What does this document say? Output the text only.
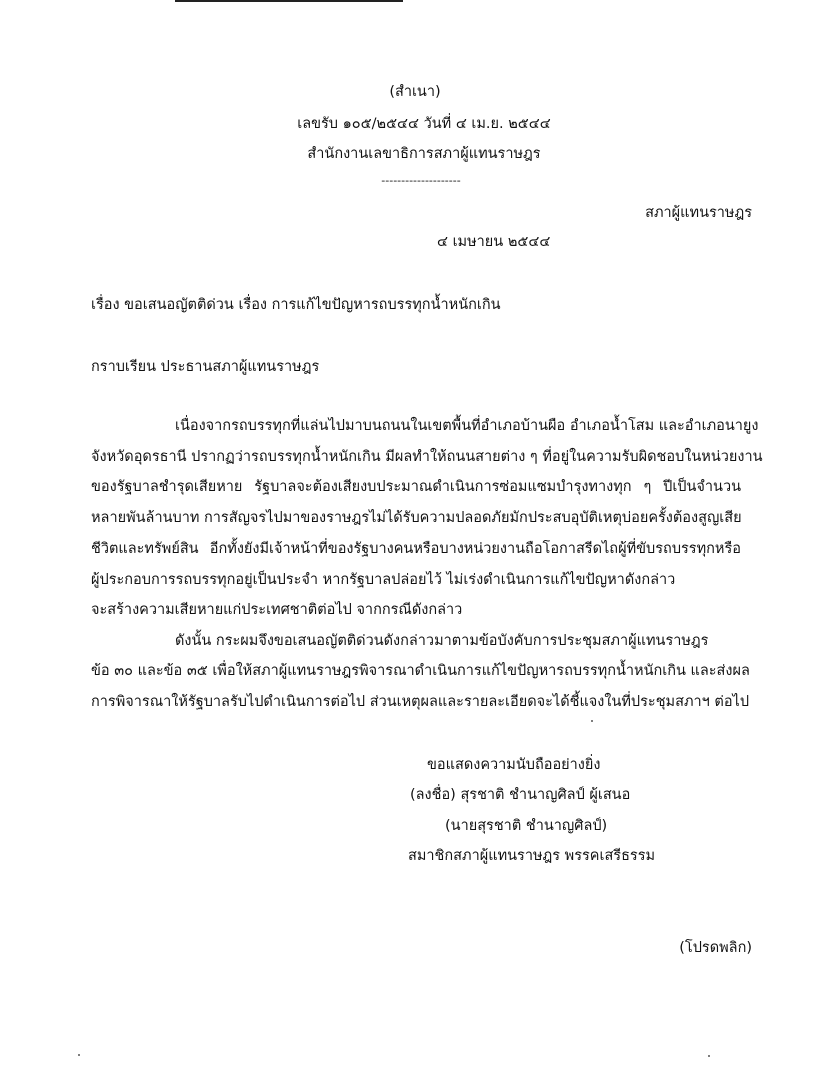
(สำเนา)
เลขรับ ๑๐๕/๒๕๔๔ วันที่ ๔ เม.ย. ๒๕๔๔
สำนักงานเลขาธิการสภาผู้แทนราษฎร
--------------------
สภาผู้แทนราษฎร
๔ เมษายน ๒๕๔๔
เรื่อง ขอเสนอญัตติด่วน เรื่อง การแก้ไขปัญหารถบรรทุกน้ำหนักเกิน
กราบเรียน ประธานสภาผู้แทนราษฎร
เนื่องจากรถบรรทุกที่แล่นไปมาบนถนนในเขตพื้นที่อำเภอบ้านผือ อำเภอน้ำโสม และอำเภอนายูง
จังหวัดอุดรธานี ปรากฏว่ารถบรรทุกน้ำหนักเกิน มีผลทำให้ถนนสายต่าง ๆ ที่อยู่ในความรับผิดชอบในหน่วยงาน
ของรัฐบาลชำรุดเสียหาย รัฐบาลจะต้องเสียงบประมาณดำเนินการซ่อมแซมบำรุงทางทุก ๆ ปีเป็นจำนวน
หลายพันล้านบาท การสัญจรไปมาของราษฎรไม่ได้รับความปลอดภัยมักประสบอุบัติเหตุบ่อยครั้งต้องสูญเสีย
ชีวิตและทรัพย์สิน อีกทั้งยังมีเจ้าหน้าที่ของรัฐบางคนหรือบางหน่วยงานถือโอกาสรีดไถผู้ที่ขับรถบรรทุกหรือ
ผู้ประกอบการรถบรรทุกอยู่เป็นประจำ หากรัฐบาลปล่อยไว้ ไม่เร่งดำเนินการแก้ไขปัญหาดังกล่าว
จะสร้างความเสียหายแก่ประเทศชาติต่อไป จากกรณีดังกล่าว
ดังนั้น กระผมจึงขอเสนอญัตติด่วนดังกล่าวมาตามข้อบังคับการประชุมสภาผู้แทนราษฎร
ข้อ ๓๐ และข้อ ๓๕ เพื่อให้สภาผู้แทนราษฎรพิจารณาดำเนินการแก้ไขปัญหารถบรรทุกน้ำหนักเกิน และส่งผล
การพิจารณาให้รัฐบาลรับไปดำเนินการต่อไป ส่วนเหตุผลและรายละเอียดจะได้ชี้แจงในที่ประชุมสภาฯ ต่อไป
ขอแสดงความนับถืออย่างยิ่ง
(ลงชื่อ) สุรชาติ ชำนาญศิลป์ ผู้เสนอ
(นายสุรชาติ ชำนาญศิลป์)
สมาชิกสภาผู้แทนราษฎร พรรคเสรีธรรม
(โปรดพลิก)
